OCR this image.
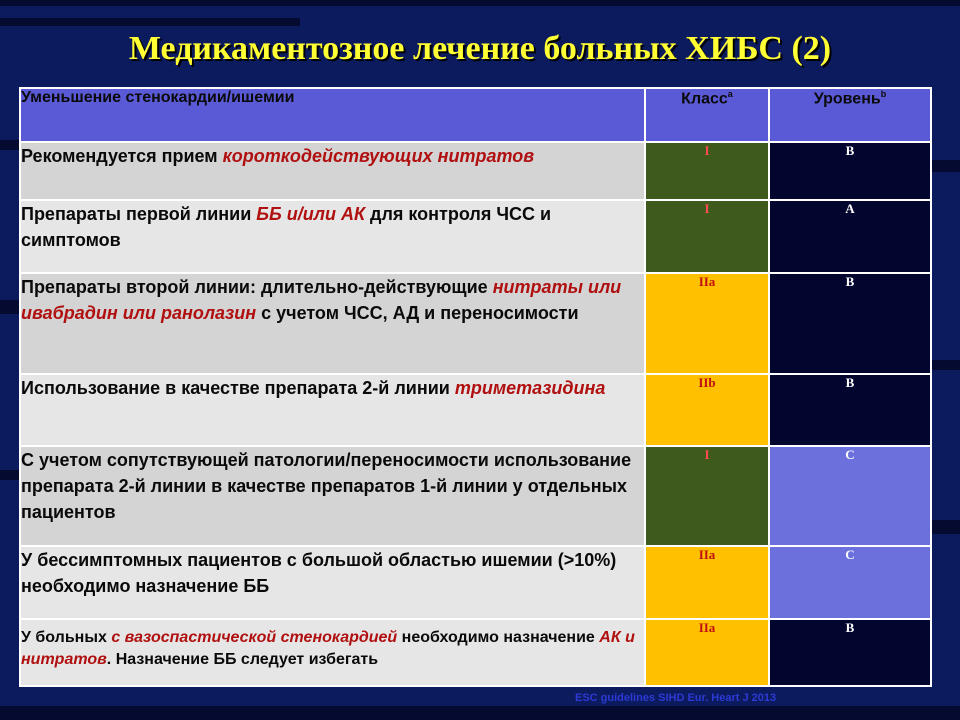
Медикаментозное лечение больных ХИБС (2)
Уменьшение стенокардии/ишемии	Класс$^a$	Уровень$^b$
Рекомендуется прием короткодействующих нитратов	I	B
Препараты первой линии ББ и/или АК для контроля ЧСС и симптомов	I	A
Препараты второй линии: длительно-действующие нитраты или ивабрадин или ранолазин с учетом ЧСС, АД и переносимости	IIa	B
Использование в качестве препарата 2-й линии триметазидина	IIb	B
С учетом сопутствующей патологии/переносимости использование препарата 2-й линии в качестве препаратов 1-й линии у отдельных пациентов	I	C
У бессимптомных пациентов с большой областью ишемии (>10%) необходимо назначение ББ	IIa	C
У больных с вазоспастической стенокардией необходимо назначение АК и нитратов. Назначение ББ следует избегать	IIa	B
ESC guidelines SIHD Eur. Heart J 2013
